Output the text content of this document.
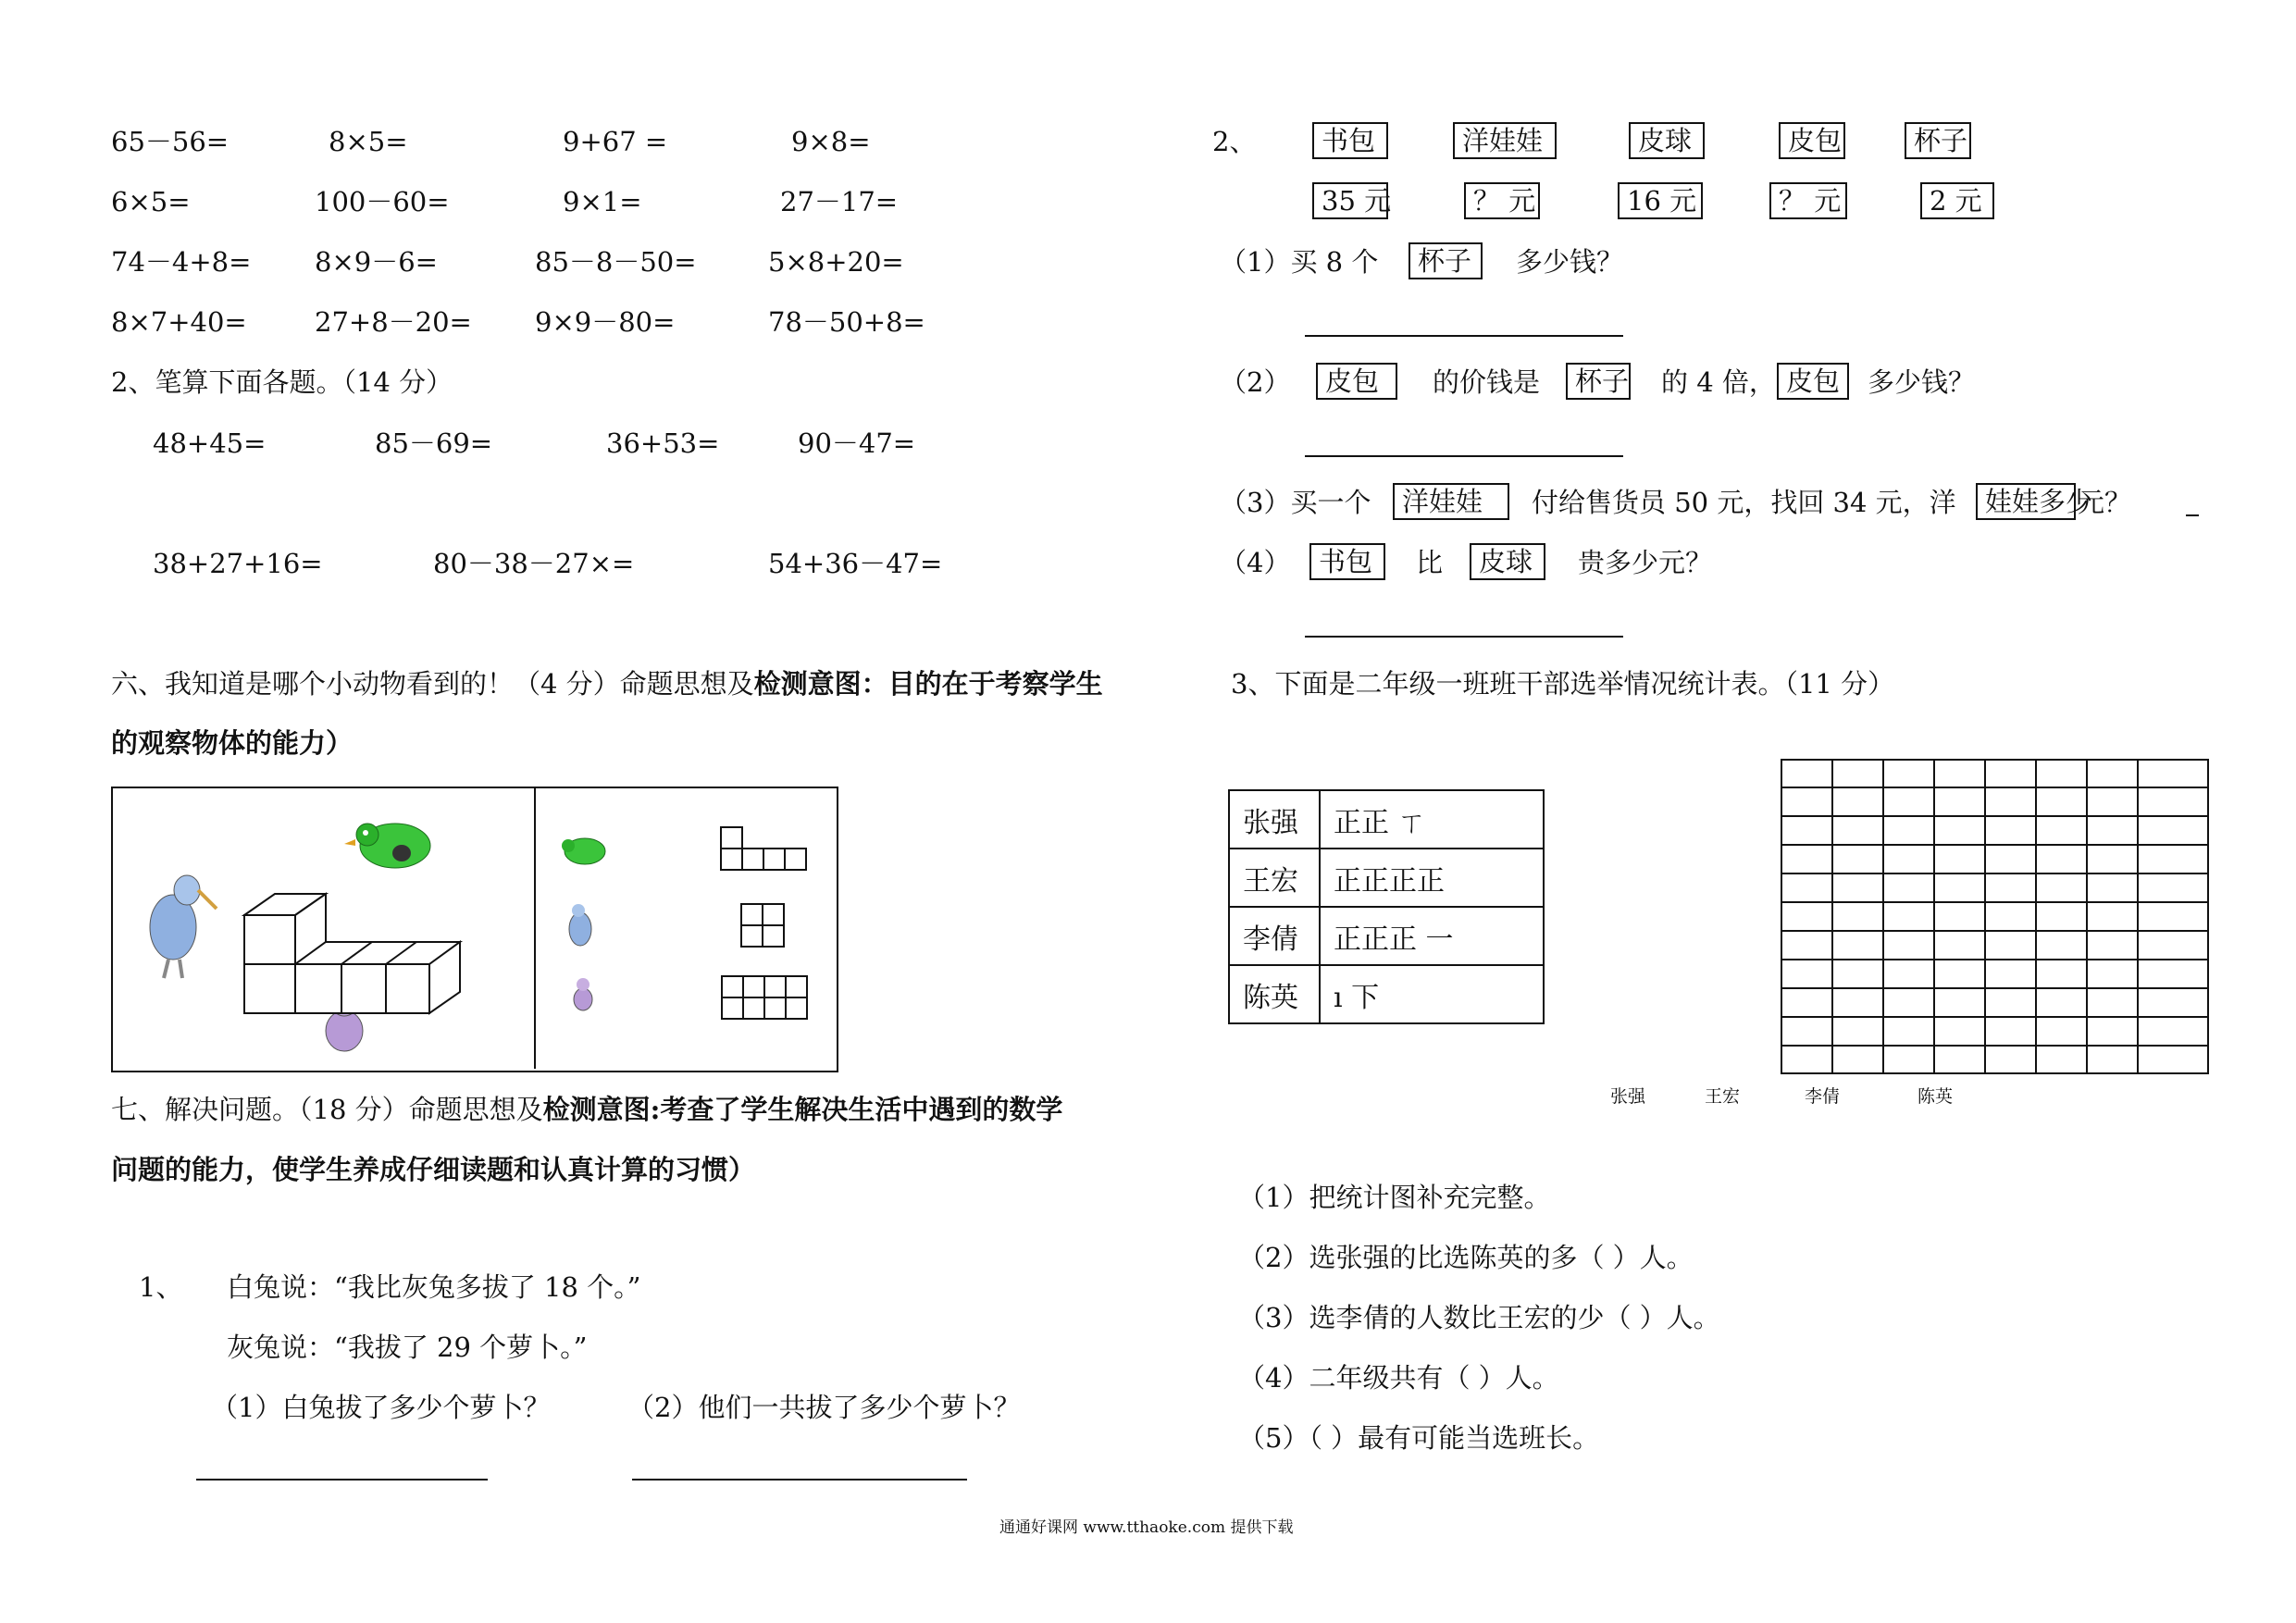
65－56=	8×5=	9+67 =	9×8=
6×5=	100－60=	9×1=	27－17=
74－4+8= 8×9－6=	85－8－50=	5×8+20=
8×7+40=	27+8－20= 9×9－80=	78－50+8=
2、笔算下面各题。（14 分）
48+45=	85－69=	36+53=	90－47=
38+27+16=	80－38－27×=	54+36－47=
六、我知道是哪个小动物看到的！（4 分）命题思想及检测意图：目的在于考察学生
的观察物体的能力）
七、解决问题。（18 分）命题思想及检测意图:考查了学生解决生活中遇到的数学
问题的能力，使学生养成仔细读题和认真计算的习惯）
1、 白兔说：“我比灰兔多拔了 18 个。”
灰兔说：“我拔了 29 个萝卜。”
（1）白兔拔了多少个萝卜？	（2）他们一共拔了多少个萝卜？
2、	书包	洋娃娃	皮球	皮包	杯子
35 元	？ 元	16 元	？ 元	2 元
（1）买 8 个	杯子	多少钱？
（2）	皮包	的价钱是	杯子 的 4 倍， 皮包	多少钱？
（3）买一个	洋娃娃	付给售货员 50 元，找回 34 元，洋	娃娃多少
元？
（4）	书包	比	皮球	贵多少元？
3、下面是二年级一班班干部选举情况统计表。（11 分）
张强	正正 ㄒ
王宏	正正正正
李倩	正正正 一
陈英	ı 下
张强	王宏	李倩	陈英
（1）把统计图补充完整。
（2）选张强的比选陈英的多（ ）人。
（3）选李倩的人数比王宏的少（ ）人。
（4）二年级共有（ ）人。
（5）（ ）最有可能当选班长。
通通好课网 www.tthaoke.com 提供下载
